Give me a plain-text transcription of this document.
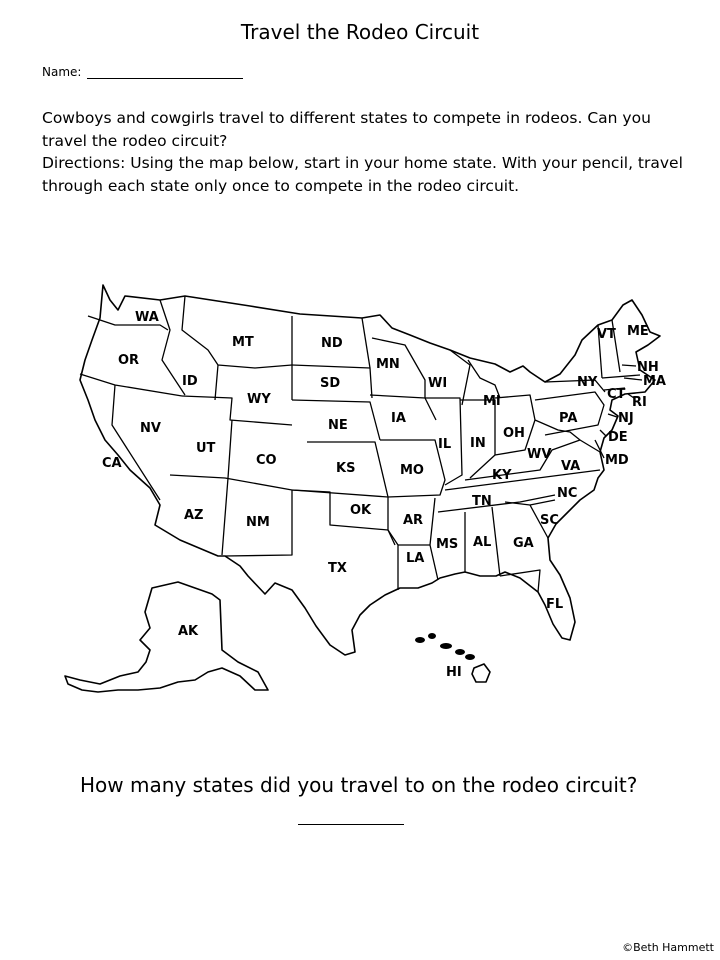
Travel the Rodeo Circuit
Name:

Cowboys and cowgirls travel to different states to compete in rodeos. Can you travel the rodeo circuit?

Directions: Using the map below, start in your home state. With your pencil, travel through each state only once to compete in the rodeo circuit.

WA
OR
CA
ID
NV
MT
WY
UT
AZ
CO
NM
ND
SD
NE
KS
OK
TX
MN
IA
MO
AR
LA
WI
IL
MI
IN
OH
KY
TN
MS AL GA
FL
SC
NC
VA
WV
PA
NY
VT ME
NH
MA
CT
RI
NJ
DE
MD
AK
HI
How many states did you travel to on the rodeo circuit?
©Beth Hammett
